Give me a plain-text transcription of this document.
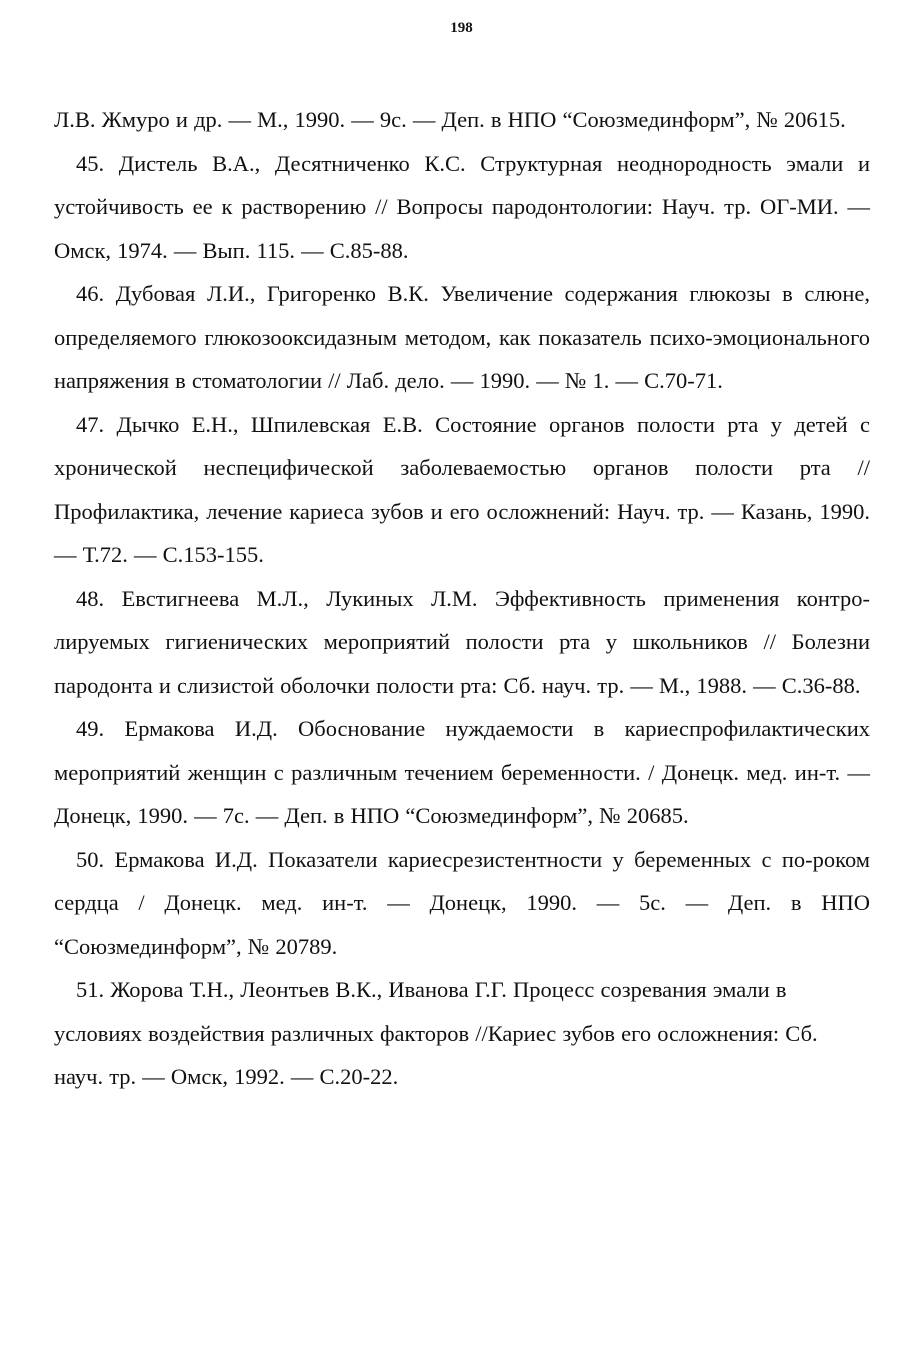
198

Л.В. Жмуро и др. — М., 1990. — 9с. — Деп. в НПО “Союзмединформ”, № 20615.

45. Дистель В.А., Десятниченко К.С. Структурная неоднородность эмали и устойчивость ее к растворению // Вопросы пародонтологии: Науч. тр. ОГ-МИ. — Омск, 1974. — Вып. 115. — С.85-88.

46. Дубовая Л.И., Григоренко В.К. Увеличение содержания глюкозы в слюне, определяемого глюкозооксидазным методом, как показатель психо-эмоционального напряжения в стоматологии // Лаб. дело. — 1990. — № 1. — С.70-71.

47. Дычко Е.Н., Шпилевская Е.В. Состояние органов полости рта у детей с хронической неспецифической заболеваемостью органов полости рта // Профилактика, лечение кариеса зубов и его осложнений: Науч. тр. — Казань, 1990. — Т.72. — С.153-155.

48. Евстигнеева М.Л., Лукиных Л.М. Эффективность применения контро-лируемых гигиенических мероприятий полости рта у школьников // Болезни пародонта и слизистой оболочки полости рта: Сб. науч. тр. — М., 1988. — С.36-88.

49. Ермакова И.Д. Обоснование нуждаемости в кариеспрофилактических мероприятий женщин с различным течением беременности. / Донецк. мед. ин-т. — Донецк, 1990. — 7с. — Деп. в НПО “Союзмединформ”, № 20685.

50. Ермакова И.Д. Показатели кариесрезистентности у беременных с по-роком сердца / Донецк. мед. ин-т. — Донецк, 1990. — 5с. — Деп. в НПО “Союзмединформ”, № 20789.

51. Жорова Т.Н., Леонтьев В.К., Иванова Г.Г. Процесс созревания эмали в условиях воздействия различных факторов //Кариес зубов его осложнения: Сб. науч. тр. — Омск, 1992. — С.20-22.
